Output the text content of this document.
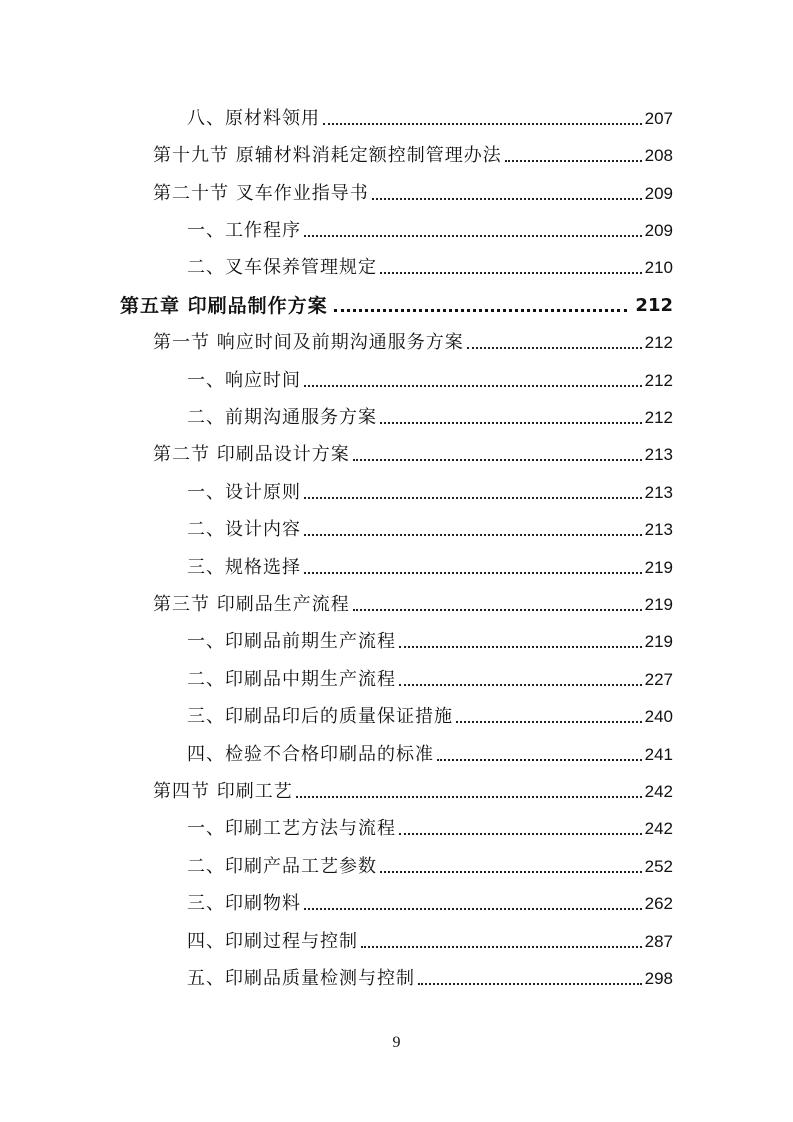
八、原材料领用	207
第十九节 原辅材料消耗定额控制管理办法	208
第二十节 叉车作业指导书	209
一、工作程序	209
二、叉车保养管理规定	210
第五章 印刷品制作方案	212
第一节 响应时间及前期沟通服务方案	212
一、响应时间	212
二、前期沟通服务方案	212
第二节 印刷品设计方案	213
一、设计原则	213
二、设计内容	213
三、规格选择	219
第三节 印刷品生产流程	219
一、印刷品前期生产流程	219
二、印刷品中期生产流程	227
三、印刷品印后的质量保证措施	240
四、检验不合格印刷品的标准	241
第四节 印刷工艺	242
一、印刷工艺方法与流程	242
二、印刷产品工艺参数	252
三、印刷物料	262
四、印刷过程与控制	287
五、印刷品质量检测与控制	298
9
